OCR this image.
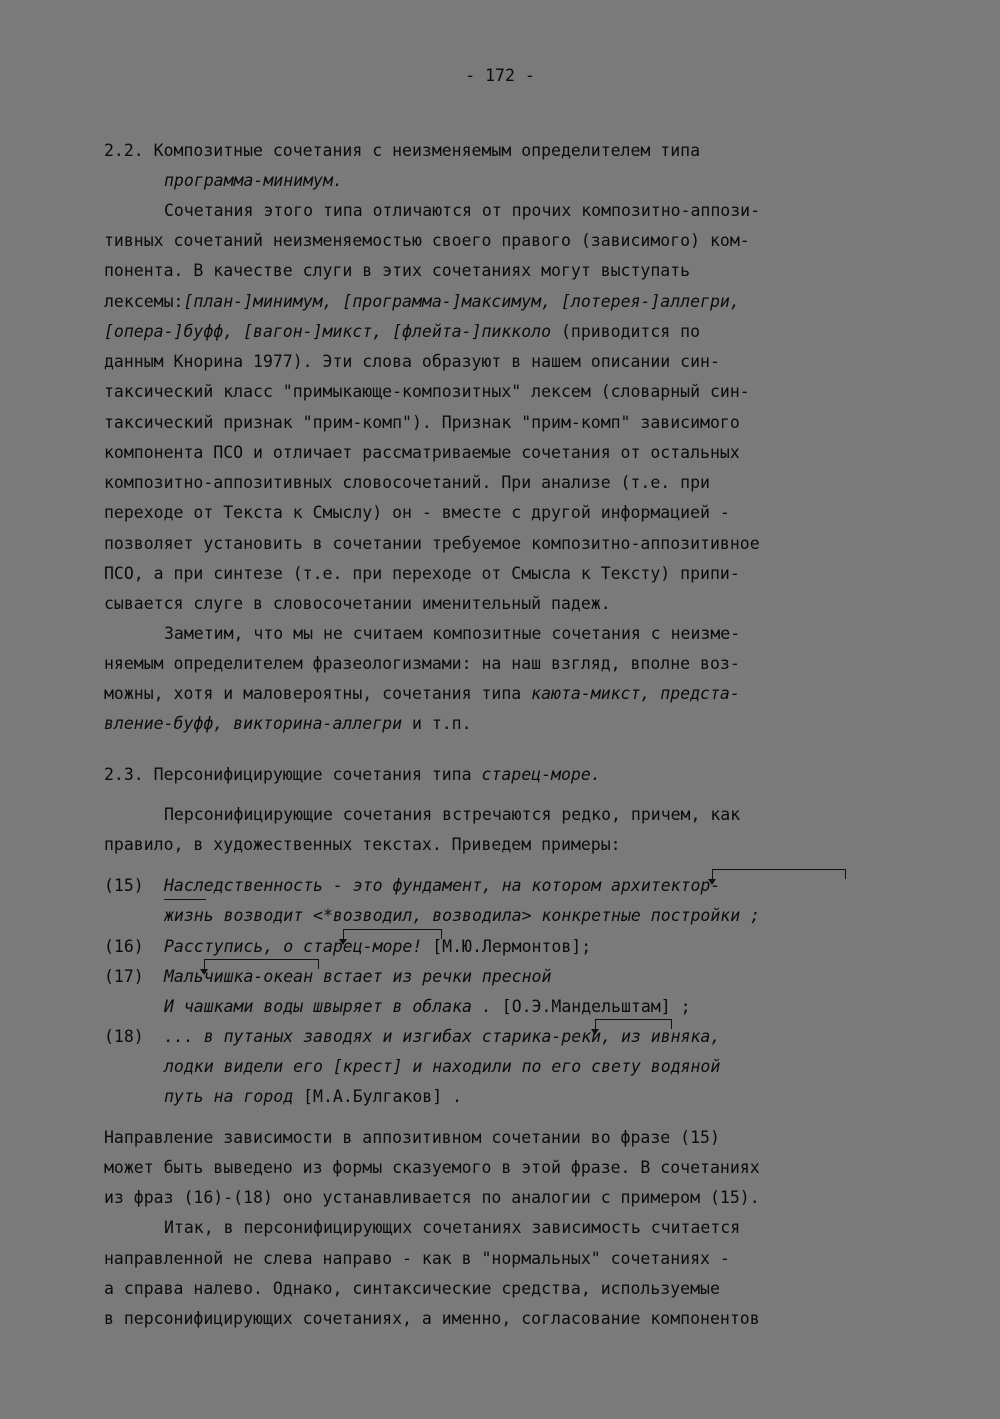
- 172 -
2.2. Композитные сочетания с неизменяемым определителем типа
программа-минимум.
Сочетания этого типа отличаются от прочих композитно-аппози-
тивных сочетаний неизменяемостью своего правого (зависимого) ком-
понента. В качестве слуги в этих сочетаниях могут выступать
лексемы:[план-]минимум, [программа-]максимум, [лотерея-]аллегри,
[опера-]буфф, [вагон-]микст, [флейта-]пикколо (приводится по
данным Кнорина 1977). Эти слова образуют в нашем описании син-
таксический класс "примыкающе-композитных" лексем (словарный син-
таксический признак "прим-комп"). Признак "прим-комп" зависимого
компонента ПСО и отличает рассматриваемые сочетания от остальных
композитно-аппозитивных словосочетаний. При анализе (т.е. при
переходе от Текста к Смыслу) он - вместе с другой информацией -
позволяет установить в сочетании требуемое композитно-аппозитивное
ПСО, а при синтезе (т.е. при переходе от Смысла к Тексту) припи-
сывается слуге в словосочетании именительный падеж.
Заметим, что мы не считаем композитные сочетания с неизме-
няемым определителем фразеологизмами: на наш взгляд, вполне воз-
можны, хотя и маловероятны, сочетания типа каюта-микст, предста-
вление-буфф, викторина-аллегри и т.п.
2.3. Персонифицирующие сочетания типа старец-море.
Персонифицирующие сочетания встречаются редко, причем, как
правило, в художественных текстах. Приведем примеры:
(15) Наследственность - это фундамент, на котором архитектор-
жизнь возводит <*возводил, возводила> конкретные постройки ;
(16) Расступись, о старец-море! [М.Ю.Лермонтов];
(17) Мальчишка-океан встает из речки пресной
И чашками воды швыряет в облака . [О.Э.Мандельштам] ;
(18) ... в путаных заводях и изгибах старика-реки, из ивняка,
лодки видели его [крест] и находили по его свету водяной
путь на город [М.А.Булгаков] .
Направление зависимости в аппозитивном сочетании во фразе (15)
может быть выведено из формы сказуемого в этой фразе. В сочетаниях
из фраз (16)-(18) оно устанавливается по аналогии с примером (15).
Итак, в персонифицирующих сочетаниях зависимость считается
направленной не слева направо - как в "нормальных" сочетаниях -
а справа налево. Однако, синтаксические средства, используемые
в персонифицирующих сочетаниях, а именно, согласование компонентов
